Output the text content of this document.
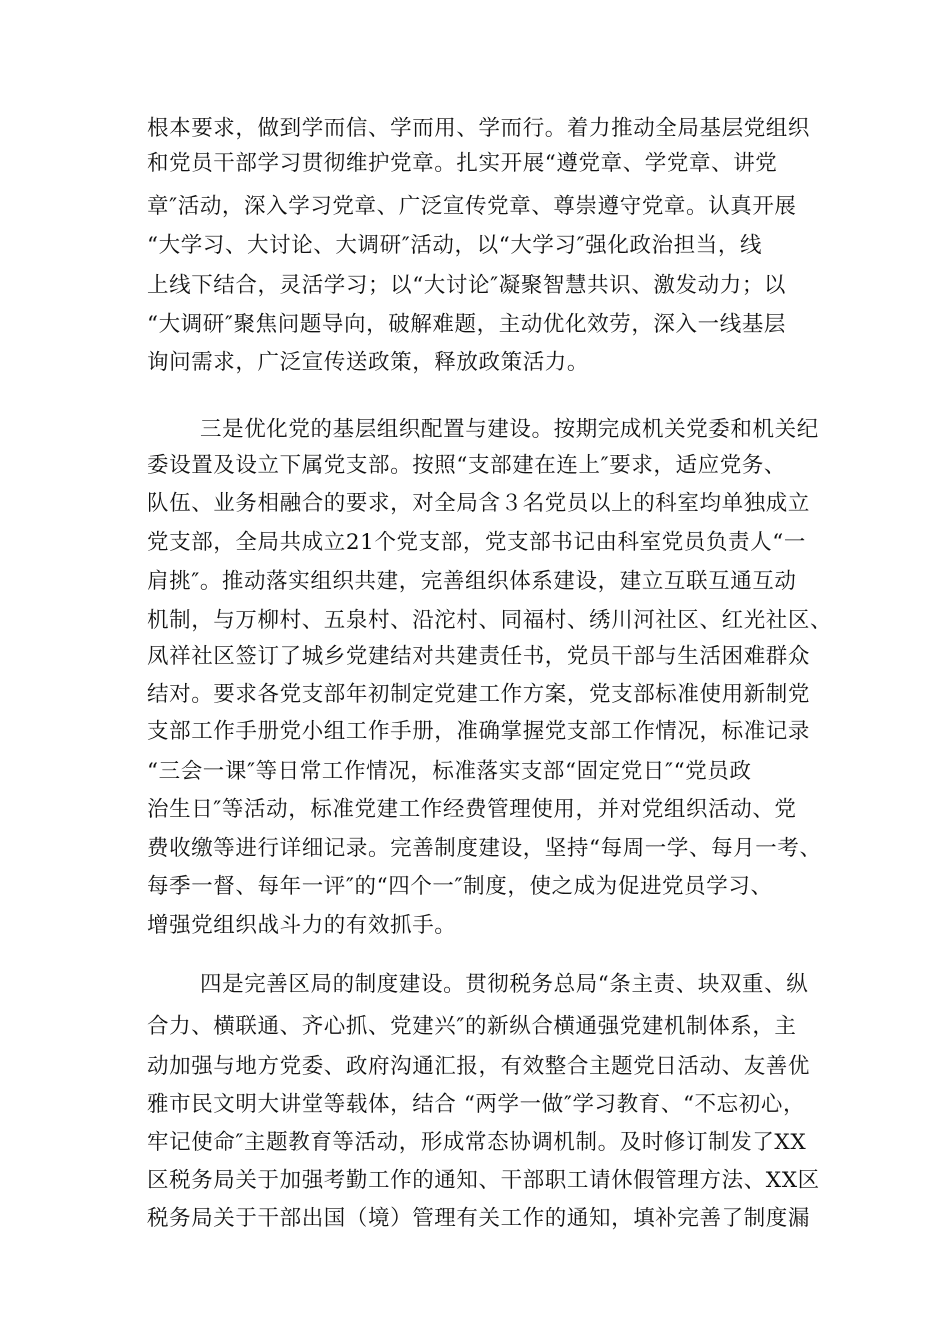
根本要求，做到学而信、学而用、学而行。着力推动全局基层党组织
和党员干部学习贯彻维护党章。扎实开展“遵党章、学党章、讲党
章″活动，深入学习党章、广泛宣传党章、尊崇遵守党章。认真开展
“大学习、大讨论、大调研″活动，以“大学习″强化政治担当，线
上线下结合，灵活学习；以“大讨论″凝聚智慧共识、激发动力；以
“大调研″聚焦问题导向，破解难题，主动优化效劳，深入一线基层
询问需求，广泛宣传送政策，释放政策活力。
三是优化党的基层组织配置与建设。按期完成机关党委和机关纪
委设置及设立下属党支部。按照“支部建在连上″要求，适应党务、
队伍、业务相融合的要求，对全局含３名党员以上的科室均单独成立
党支部，全局共成立21个党支部，党支部书记由科室党员负责人“一
肩挑″。推动落实组织共建，完善组织体系建设，建立互联互通互动
机制，与万柳村、五泉村、沿沱村、同福村、绣川河社区、红光社区、
凤祥社区签订了城乡党建结对共建责任书，党员干部与生活困难群众
结对。要求各党支部年初制定党建工作方案，党支部标准使用新制党
支部工作手册党小组工作手册，准确掌握党支部工作情况，标准记录
“三会一课″等日常工作情况，标准落实支部“固定党日″“党员政
治生日″等活动，标准党建工作经费管理使用，并对党组织活动、党
费收缴等进行详细记录。完善制度建设，坚持“每周一学、每月一考、
每季一督、每年一评″的“四个一″制度，使之成为促进党员学习、
增强党组织战斗力的有效抓手。
四是完善区局的制度建设。贯彻税务总局“条主责、块双重、纵
合力、横联通、齐心抓、党建兴″的新纵合横通强党建机制体系，主
动加强与地方党委、政府沟通汇报，有效整合主题党日活动、友善优
雅市民文明大讲堂等载体，结合 “两学一做″学习教育、“不忘初心，
牢记使命″主题教育等活动，形成常态协调机制。及时修订制发了XX
区税务局关于加强考勤工作的通知、干部职工请休假管理方法、XX区
税务局关于干部出国（境）管理有关工作的通知，填补完善了制度漏
